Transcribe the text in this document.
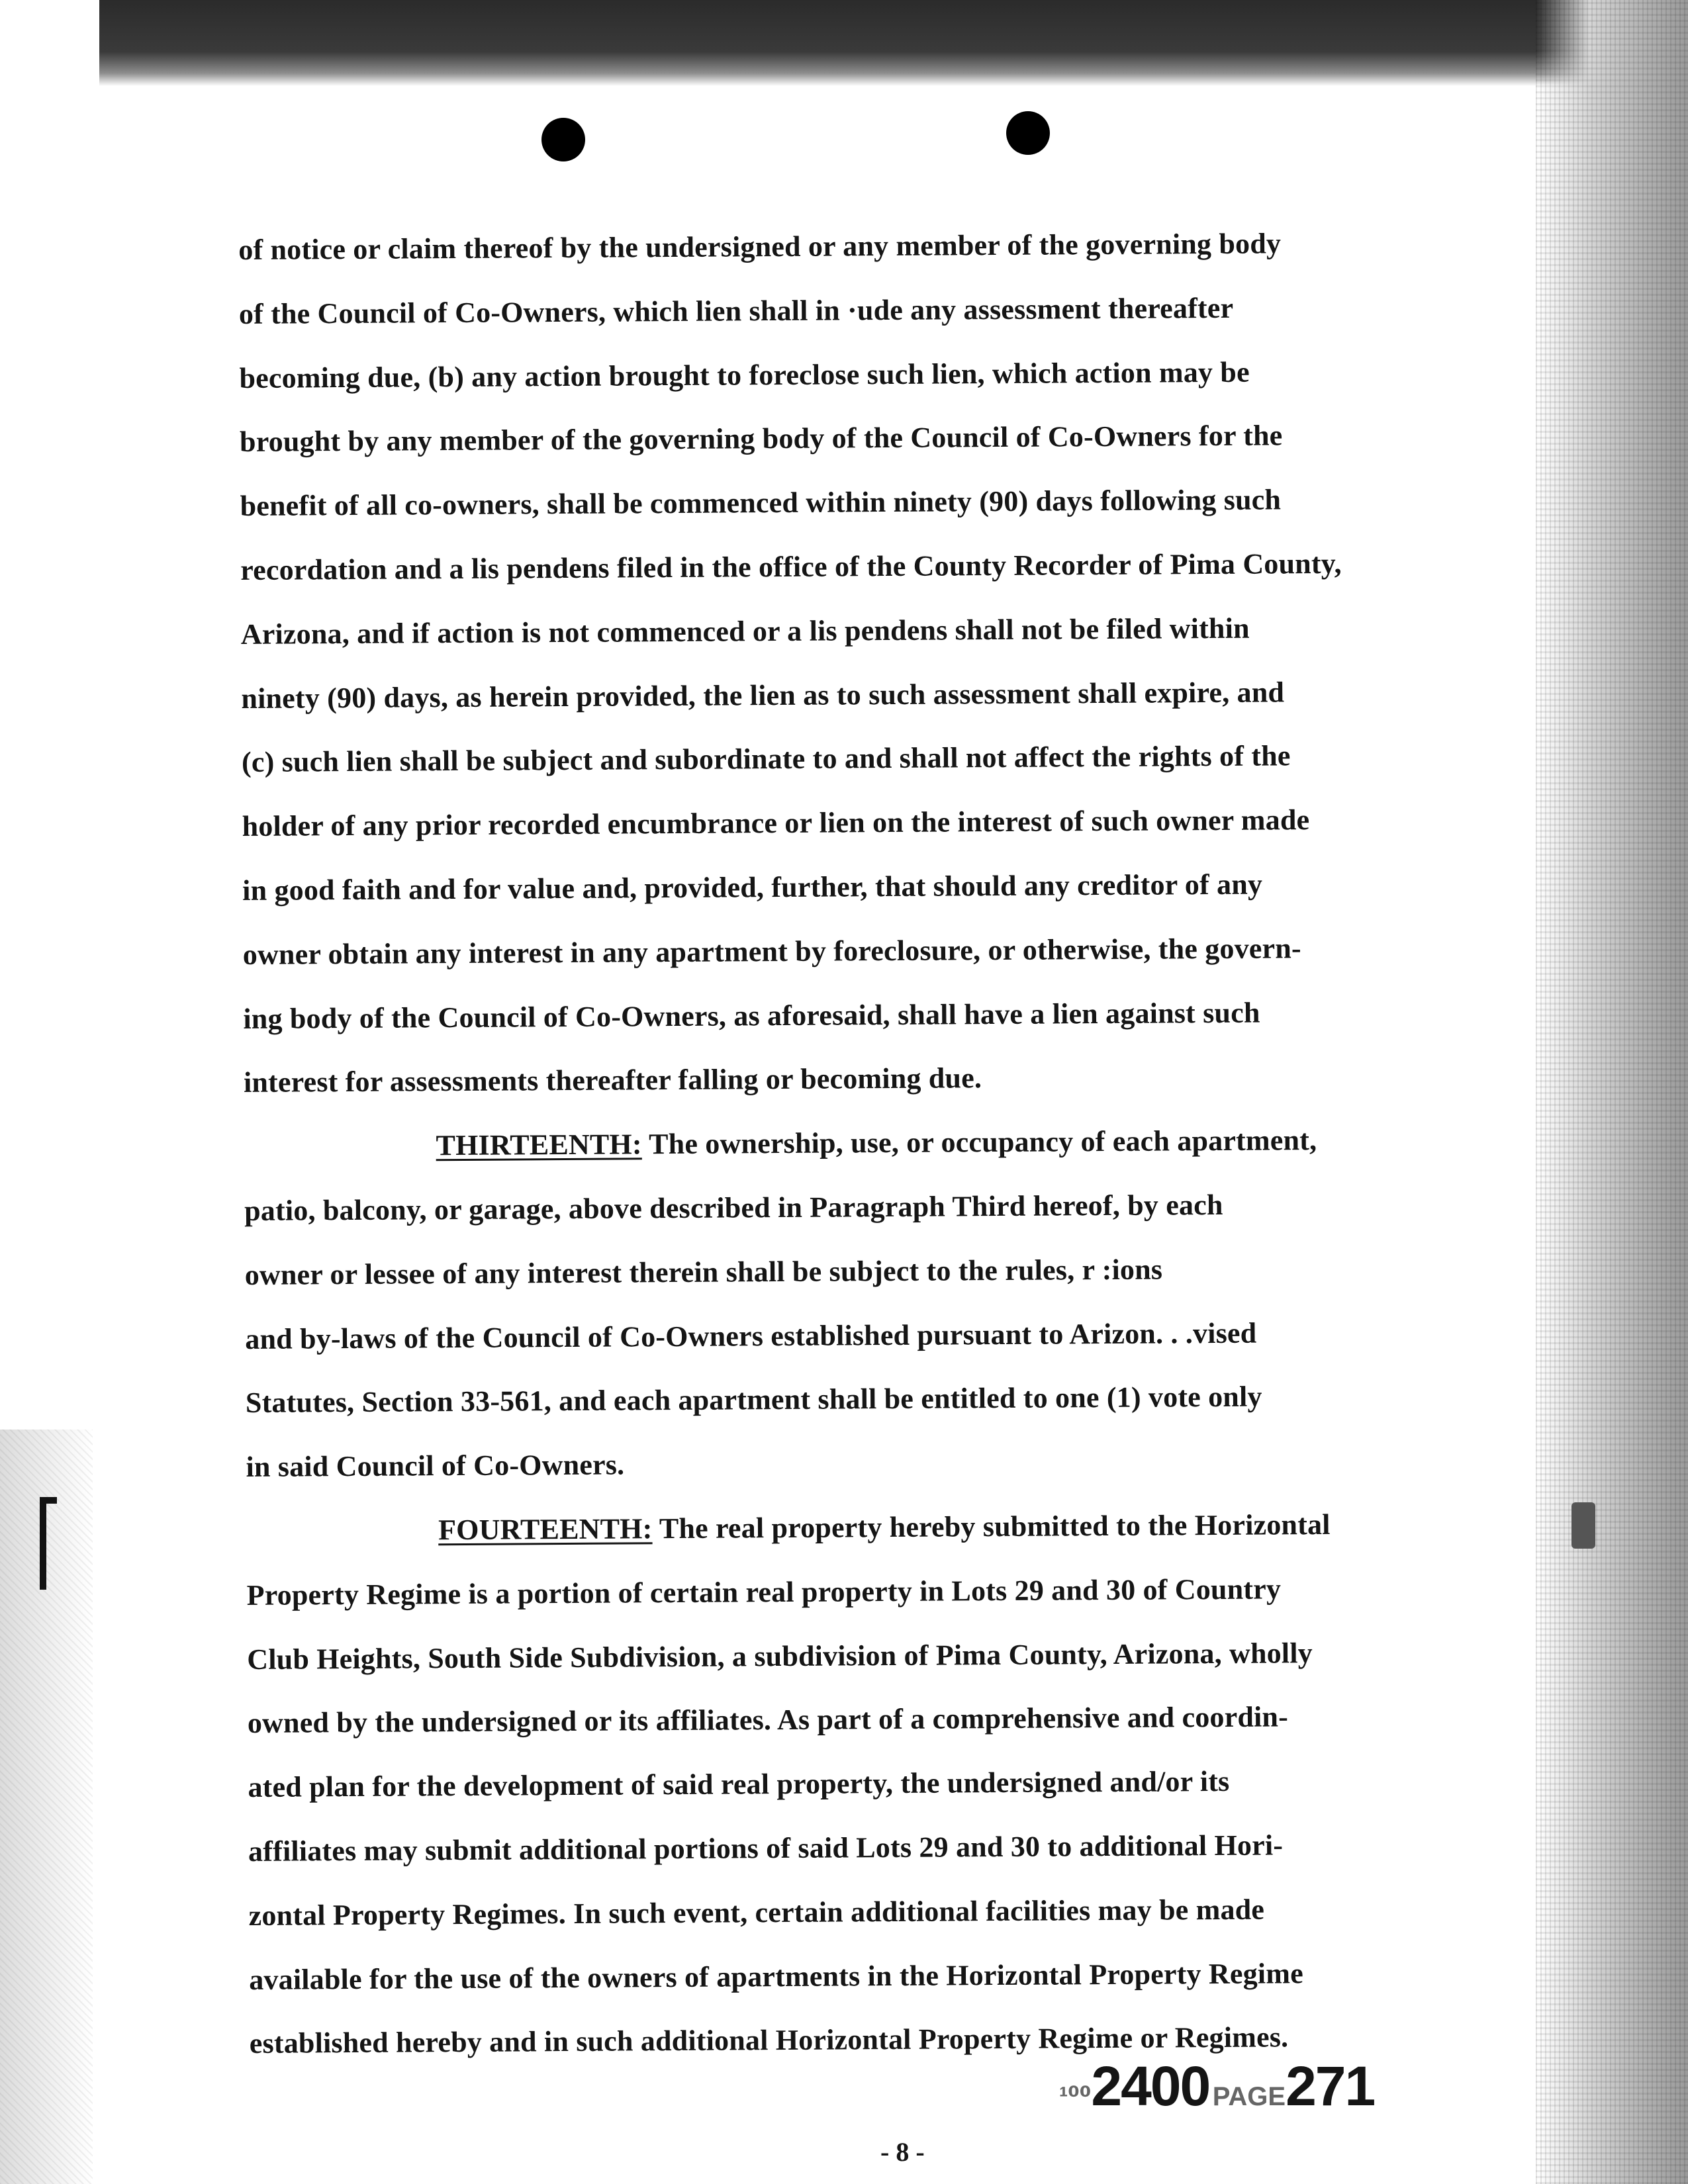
of notice or claim thereof by the undersigned or any member of the governing body

of the Council of Co-Owners, which lien shall in ·ude any assessment thereafter

becoming due, (b) any action brought to foreclose such lien, which action may be

brought by any member of the governing body of the Council of Co-Owners for the

benefit of all co-owners, shall be commenced within ninety (90) days following such

recordation and a lis pendens filed in the office of the County Recorder of Pima County,

Arizona, and if action is not commenced or a lis pendens shall not be filed within

ninety (90) days, as herein provided, the lien as to such assessment shall expire, and

(c) such lien shall be subject and subordinate to and shall not affect the rights of the

holder of any prior recorded encumbrance or lien on the interest of such owner made

in good faith and for value and, provided, further, that should any creditor of any

owner obtain any interest in any apartment by foreclosure, or otherwise, the govern-

ing body of the Council of Co-Owners, as aforesaid, shall have a lien against such

interest for assessments thereafter falling or becoming due.

THIRTEENTH: The ownership, use, or occupancy of each apartment,

patio, balcony, or garage, above described in Paragraph Third hereof, by each

owner or lessee of any interest therein shall be subject to the rules, r :ions

and by-laws of the Council of Co-Owners established pursuant to Arizon. . .vised

Statutes, Section 33-561, and each apartment shall be entitled to one (1) vote only

in said Council of Co-Owners.

FOURTEENTH: The real property hereby submitted to the Horizontal

Property Regime is a portion of certain real property in Lots 29 and 30 of Country

Club Heights, South Side Subdivision, a subdivision of Pima County, Arizona, wholly

owned by the undersigned or its affiliates. As part of a comprehensive and coordin-

ated plan for the development of said real property, the undersigned and/or its

affiliates may submit additional portions of said Lots 29 and 30 to additional Hori-

zontal Property Regimes. In such event, certain additional facilities may be made

available for the use of the owners of apartments in the Horizontal Property Regime

established hereby and in such additional Horizontal Property Regime or Regimes.

¹⁰⁰2400 PAGE271
- 8 -
